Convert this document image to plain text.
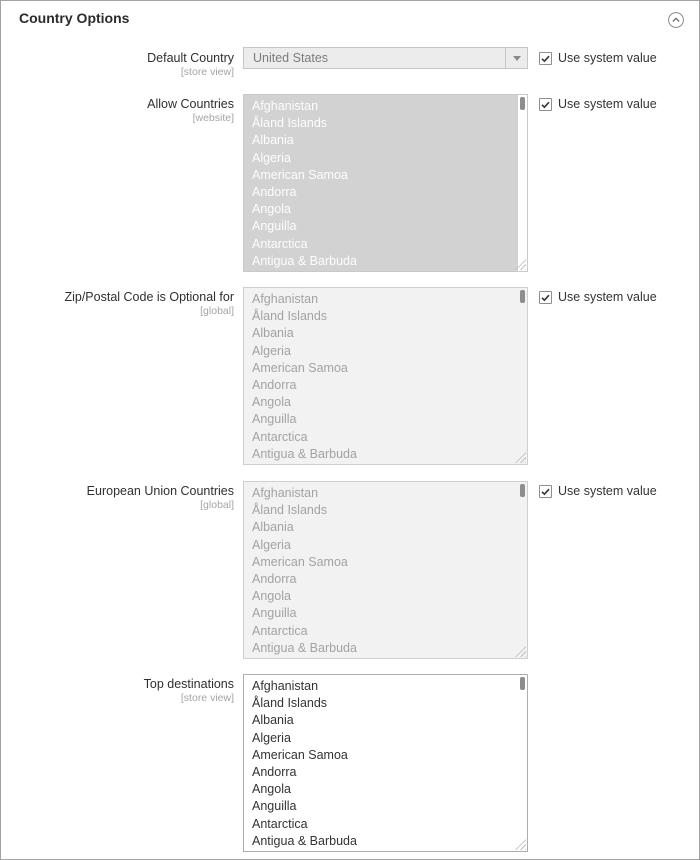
Country Options
Default Country
[store view]
United States	Use system value
Allow Countries
[website]
Afghanistan
Åland Islands
Albania
Algeria
American Samoa
Andorra
Angola
Anguilla
Antarctica
Antigua & Barbuda
Use system value
Zip/Postal Code is Optional for
[global]
Afghanistan
Åland Islands
Albania
Algeria
American Samoa
Andorra
Angola
Anguilla
Antarctica
Antigua & Barbuda
Use system value
European Union Countries
[global]
Afghanistan
Åland Islands
Albania
Algeria
American Samoa
Andorra
Angola
Anguilla
Antarctica
Antigua & Barbuda
Use system value
Top destinations
[store view]
Afghanistan
Åland Islands
Albania
Algeria
American Samoa
Andorra
Angola
Anguilla
Antarctica
Antigua & Barbuda
